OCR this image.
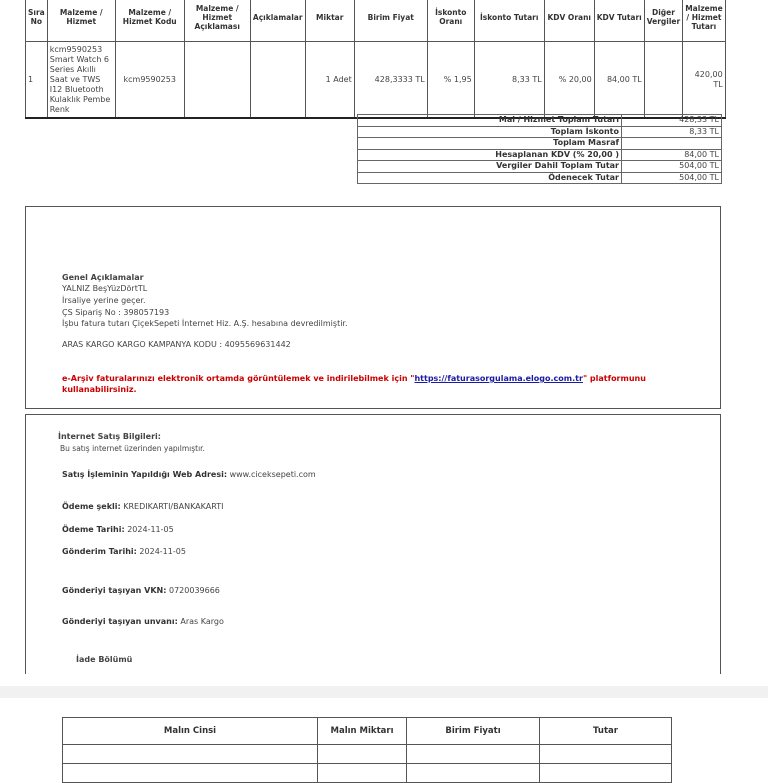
Sıra No	Malzeme / Hizmet	Malzeme / Hizmet Kodu	Malzeme / Hizmet Açıklaması	Açıklamalar	Miktar	Birim Fiyat	İskonto Oranı	İskonto Tutarı	KDV Oranı	KDV Tutarı	Diğer Vergiler	Malzeme / Hizmet Tutarı
1	kcm9590253 Smart Watch 6 Series Akıllı Saat ve TWS I12 Bluetooth Kulaklık Pembe Renk	kcm9590253			1 Adet	428,3333 TL	% 1,95	8,33 TL	% 20,00	84,00 TL		420,00 TL
Mal / Hizmet Toplam Tutarı	428,33 TL
Toplam İskonto	8,33 TL
Toplam Masraf	
Hesaplanan KDV (% 20,00 )	84,00 TL
Vergiler Dahil Toplam Tutar	504,00 TL
Ödenecek Tutar	504,00 TL
Genel Açıklamalar
YALNIZ BeşYüzDörtTL
İrsaliye yerine geçer.
ÇS Sipariş No : 398057193
İşbu fatura tutarı ÇiçekSepeti İnternet Hiz. A.Ş. hesabına devredilmiştir.
ARAS KARGO KARGO KAMPANYA KODU : 4095569631442
e-Arşiv faturalarınızı elektronik ortamda görüntülemek ve indirilebilmek için "https://faturasorgulama.elogo.com.tr" platformunu
kullanabilirsiniz.
İnternet Satış Bilgileri:
Bu satış internet üzerinden yapılmıştır.
Satış İşleminin Yapıldığı Web Adresi: www.ciceksepeti.com
Ödeme şekli: KREDIKARTI/BANKAKARTI
Ödeme Tarihi: 2024-11-05
Gönderim Tarihi: 2024-11-05
Gönderiyi taşıyan VKN: 0720039666
Gönderiyi taşıyan unvanı: Aras Kargo
İade Bölümü
Malın Cinsi	Malın Miktarı	Birim Fiyatı	Tutar
